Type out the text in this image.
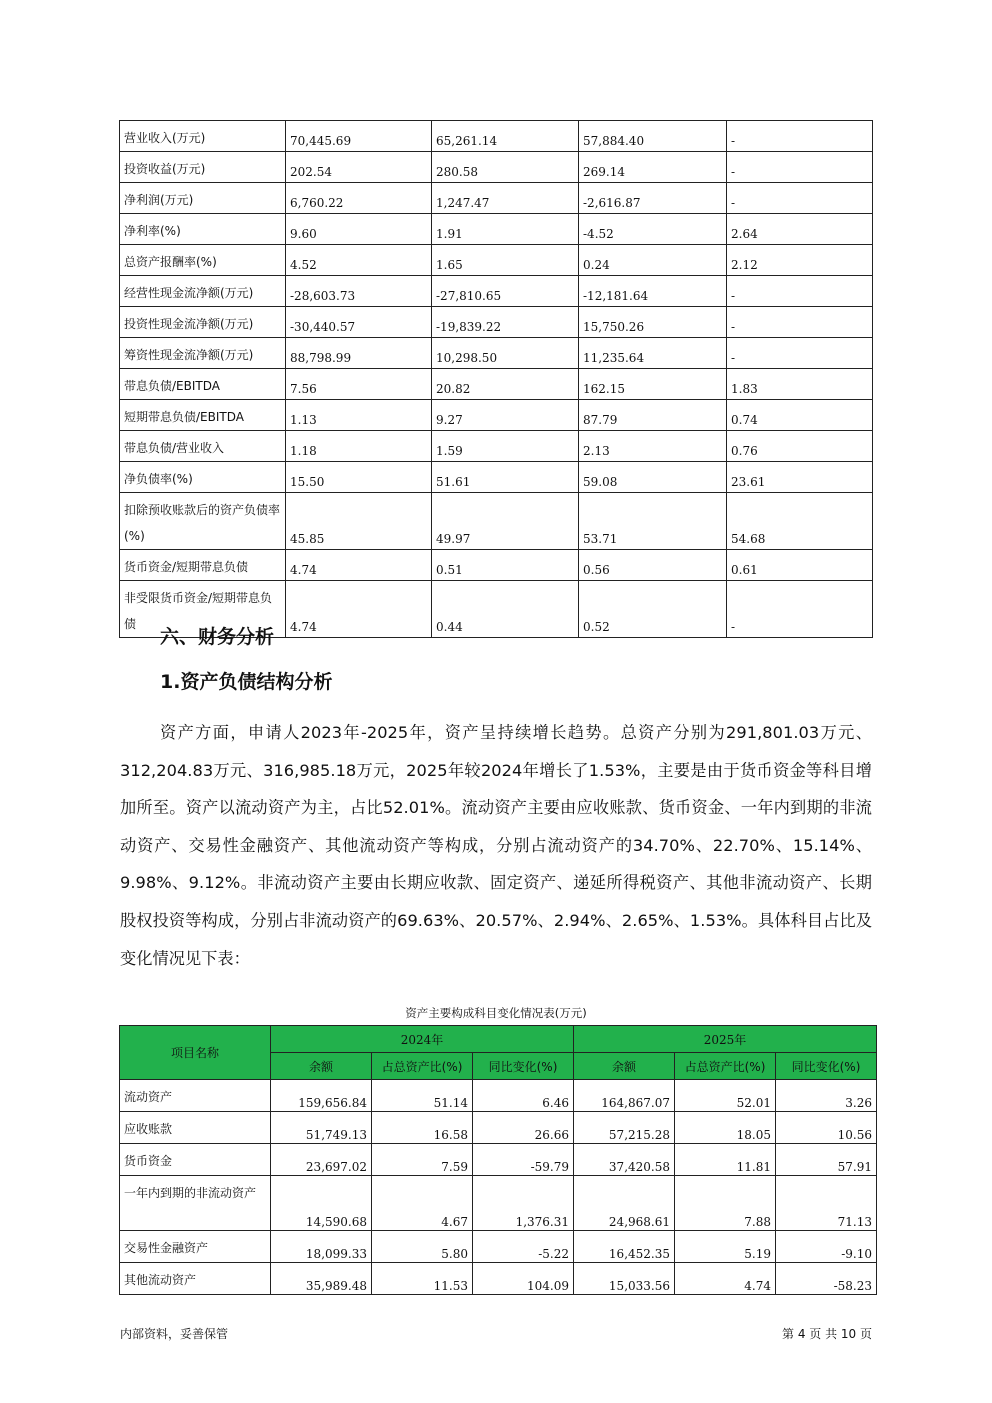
营业收入(万元)	70,445.69	65,261.14	57,884.40	-
投资收益(万元)	202.54	280.58	269.14	-
净利润(万元)	6,760.22	1,247.47	-2,616.87	-
净利率(%)	9.60	1.91	-4.52	2.64
总资产报酬率(%)	4.52	1.65	0.24	2.12
经营性现金流净额(万元)	-28,603.73	-27,810.65	-12,181.64	-
投资性现金流净额(万元)	-30,440.57	-19,839.22	15,750.26	-
筹资性现金流净额(万元)	88,798.99	10,298.50	11,235.64	-
带息负债/EBITDA	7.56	20.82	162.15	1.83
短期带息负债/EBITDA	1.13	9.27	87.79	0.74
带息负债/营业收入	1.18	1.59	2.13	0.76
净负债率(%)	15.50	51.61	59.08	23.61
扣除预收账款后的资产负债率(%)	45.85	49.97	53.71	54.68
货币资金/短期带息负债	4.74	0.51	0.56	0.61
非受限货币资金/短期带息负债	4.74	0.44	0.52	-
六、财务分析
1.资产负债结构分析
资产方面，申请人2023年-2025年，资产呈持续增长趋势。总资产分别为291,801.03万元、312,204.83万元、316,985.18万元，2025年较2024年增长了1.53%，主要是由于货币资金等科目增加所至。资产以流动资产为主，占比52.01%。流动资产主要由应收账款、货币资金、一年内到期的非流动资产、交易性金融资产、其他流动资产等构成，分别占流动资产的34.70%、22.70%、15.14%、9.98%、9.12%。非流动资产主要由长期应收款、固定资产、递延所得税资产、其他非流动资产、长期股权投资等构成，分别占非流动资产的69.63%、20.57%、2.94%、2.65%、1.53%。具体科目占比及变化情况见下表：
资产主要构成科目变化情况表(万元)
项目名称	2024年			2025年		
	余额	占总资产比(%)	同比变化(%)	余额	占总资产比(%)	同比变化(%)
流动资产	159,656.84	51.14	6.46	164,867.07	52.01	3.26
应收账款	51,749.13	16.58	26.66	57,215.28	18.05	10.56
货币资金	23,697.02	7.59	-59.79	37,420.58	11.81	57.91
一年内到期的非流动资产	14,590.68	4.67	1,376.31	24,968.61	7.88	71.13
交易性金融资产	18,099.33	5.80	-5.22	16,452.35	5.19	-9.10
其他流动资产	35,989.48	11.53	104.09	15,033.56	4.74	-58.23
内部资料，妥善保管	第 4 页 共 10 页
